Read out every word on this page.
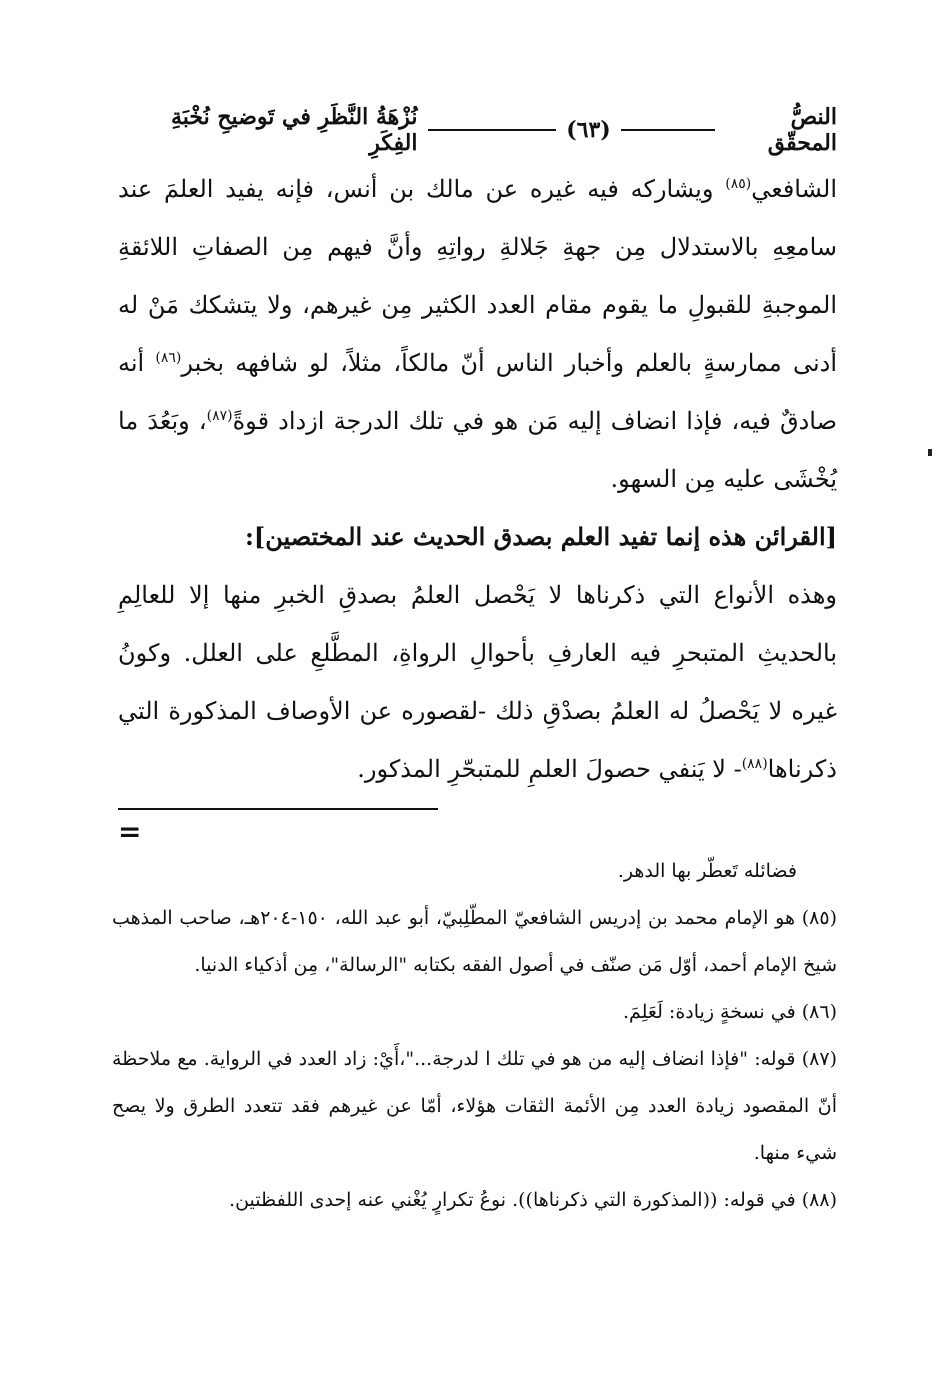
نُزْهَةُ النَّظَرِ في تَوضيحِ نُخْبَةِ الفِكَرِ	(٦٣)	النصُّ المحقّق

الشافعي$^{(٨٥)}$ ويشاركه فيه غيره عن مالك بن أنس، فإنه يفيد العلمَ عند سامعِهِ بالاستدلال مِن جهةِ جَلالةِ رواتِهِ وأنَّ فيهم مِن الصفاتِ اللائقةِ الموجبةِ للقبولِ ما يقوم مقام العدد الكثير مِن غيرهم، ولا يتشكك مَنْ له أدنى ممارسةٍ بالعلم وأخبار الناس أنّ مالكاً، مثلاً، لو شافهه بخبر$^{(٨٦)}$ أنه صادقٌ فيه، فإذا انضاف إليه مَن هو في تلك الدرجة ازداد قوةً$^{(٨٧)}$، وبَعُدَ ما يُخْشَى عليه مِن السهو.

[القرائن هذه إنما تفيد العلم بصدق الحديث عند المختصين]:

وهذه الأنواع التي ذكرناها لا يَحْصل العلمُ بصدقِ الخبرِ منها إلا للعالِمِ بالحديثِ المتبحرِ فيه العارفِ بأحوالِ الرواةِ، المطَّلعِ على العلل. وكونُ غيره لا يَحْصلُ له العلمُ بصدْقِ ذلك -لقصوره عن الأوصاف المذكورة التي ذكرناها$^{(٨٨)}$- لا يَنفي حصولَ العلمِ للمتبحّرِ المذكور.

=

فضائله تَعطّر بها الدهر.

(٨٥) هو الإمام محمد بن إدريس الشافعيّ المطّلِبيّ، أبو عبد الله، ١٥٠-٢٠٤هـ، صاحب المذهب شيخ الإمام أحمد، أوّل مَن صنّف في أصول الفقه بكتابه "الرسالة"، مِن أذكياء الدنيا.

(٨٦) في نسخةٍ زيادة: لَعَلِمَ.

(٨٧) قوله: "فإذا انضاف إليه من هو في تلك ا لدرجة..."،أَيْ: زاد العدد في الرواية. مع ملاحظة أنّ المقصود زيادة العدد مِن الأئمة الثقات هؤلاء، أمّا عن غيرهم فقد تتعدد الطرق ولا يصح شيء منها.

(٨٨) في قوله: ((المذكورة التي ذكرناها)). نوعُ تكرارٍ يُغْني عنه إحدى اللفظتين.
